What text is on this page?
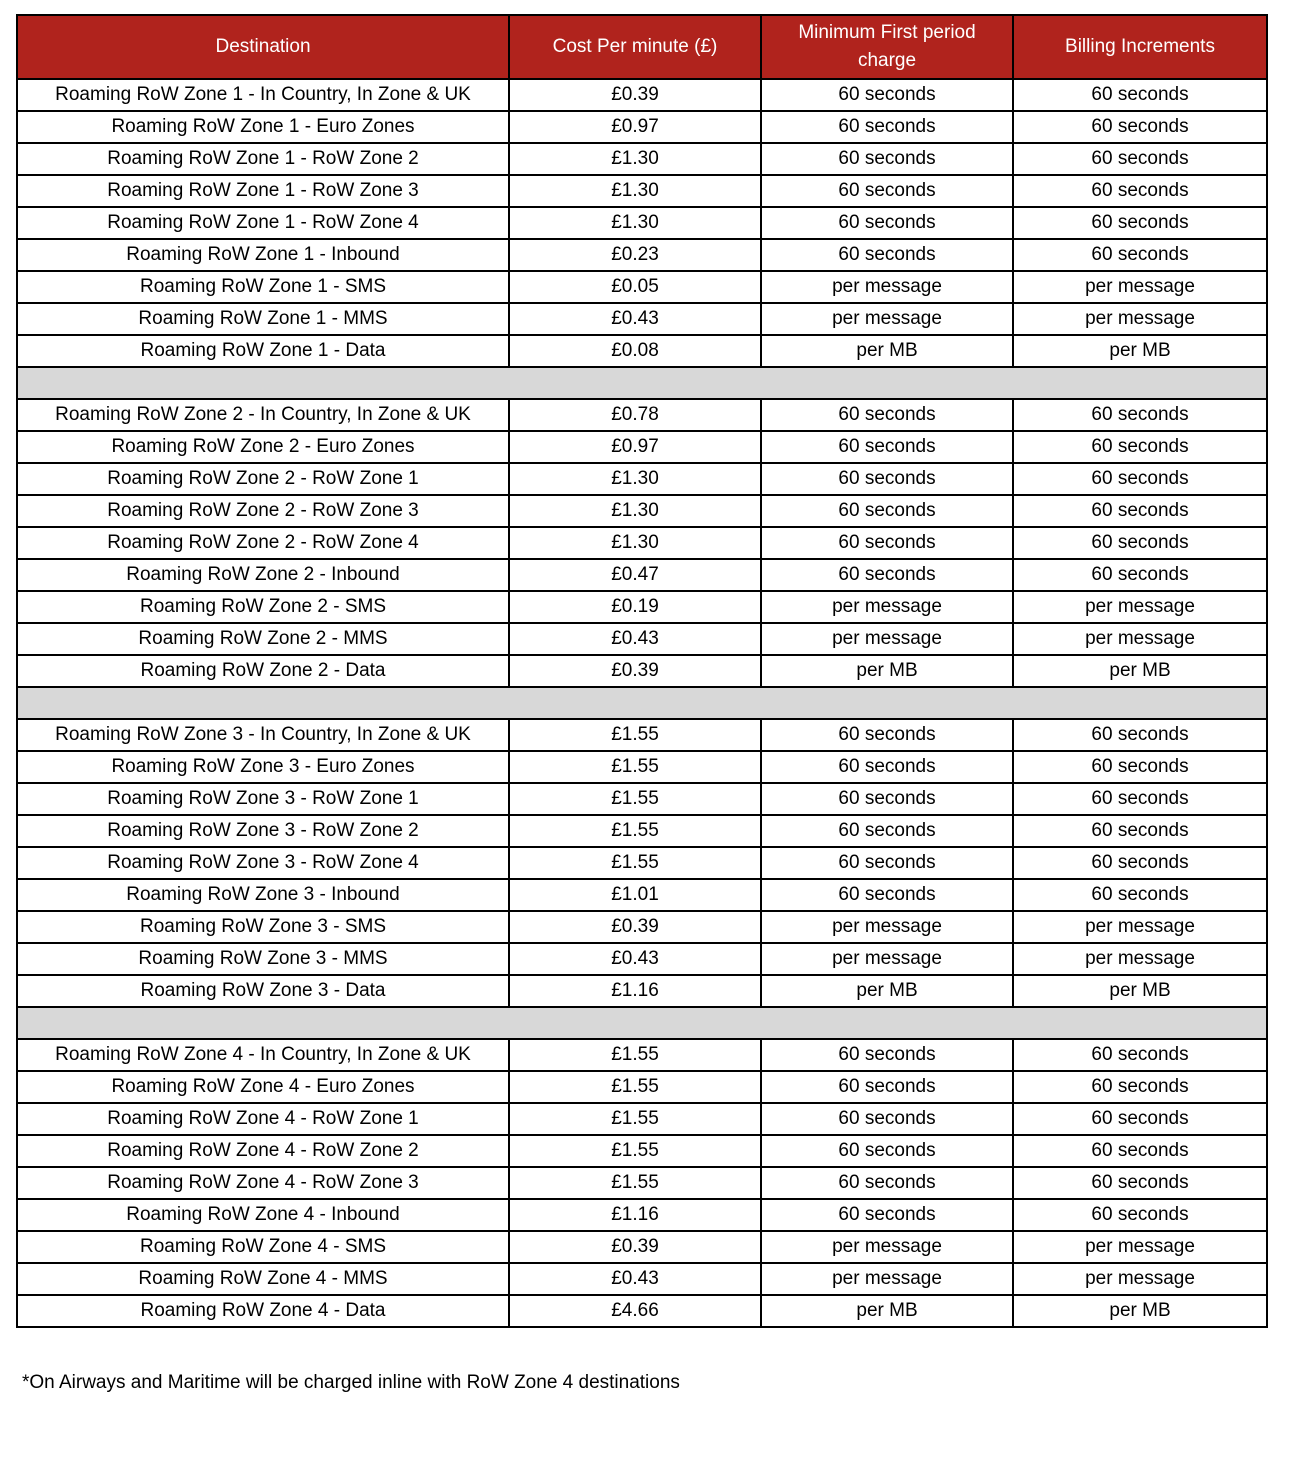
Destination	Cost Per minute (£)	Minimum First period charge	Billing Increments
Roaming RoW Zone 1 - In Country, In Zone & UK	£0.39	60 seconds	60 seconds
Roaming RoW Zone 1 - Euro Zones	£0.97	60 seconds	60 seconds
Roaming RoW Zone 1 - RoW Zone 2	£1.30	60 seconds	60 seconds
Roaming RoW Zone 1 - RoW Zone 3	£1.30	60 seconds	60 seconds
Roaming RoW Zone 1 - RoW Zone 4	£1.30	60 seconds	60 seconds
Roaming RoW Zone 1 - Inbound	£0.23	60 seconds	60 seconds
Roaming RoW Zone 1 - SMS	£0.05	per message	per message
Roaming RoW Zone 1 - MMS	£0.43	per message	per message
Roaming RoW Zone 1 - Data	£0.08	per MB	per MB

Roaming RoW Zone 2 - In Country, In Zone & UK	£0.78	60 seconds	60 seconds
Roaming RoW Zone 2 - Euro Zones	£0.97	60 seconds	60 seconds
Roaming RoW Zone 2 - RoW Zone 1	£1.30	60 seconds	60 seconds
Roaming RoW Zone 2 - RoW Zone 3	£1.30	60 seconds	60 seconds
Roaming RoW Zone 2 - RoW Zone 4	£1.30	60 seconds	60 seconds
Roaming RoW Zone 2 - Inbound	£0.47	60 seconds	60 seconds
Roaming RoW Zone 2 - SMS	£0.19	per message	per message
Roaming RoW Zone 2 - MMS	£0.43	per message	per message
Roaming RoW Zone 2 - Data	£0.39	per MB	per MB

Roaming RoW Zone 3 - In Country, In Zone & UK	£1.55	60 seconds	60 seconds
Roaming RoW Zone 3 - Euro Zones	£1.55	60 seconds	60 seconds
Roaming RoW Zone 3 - RoW Zone 1	£1.55	60 seconds	60 seconds
Roaming RoW Zone 3 - RoW Zone 2	£1.55	60 seconds	60 seconds
Roaming RoW Zone 3 - RoW Zone 4	£1.55	60 seconds	60 seconds
Roaming RoW Zone 3 - Inbound	£1.01	60 seconds	60 seconds
Roaming RoW Zone 3 - SMS	£0.39	per message	per message
Roaming RoW Zone 3 - MMS	£0.43	per message	per message
Roaming RoW Zone 3 - Data	£1.16	per MB	per MB

Roaming RoW Zone 4 - In Country, In Zone & UK	£1.55	60 seconds	60 seconds
Roaming RoW Zone 4 - Euro Zones	£1.55	60 seconds	60 seconds
Roaming RoW Zone 4 - RoW Zone 1	£1.55	60 seconds	60 seconds
Roaming RoW Zone 4 - RoW Zone 2	£1.55	60 seconds	60 seconds
Roaming RoW Zone 4 - RoW Zone 3	£1.55	60 seconds	60 seconds
Roaming RoW Zone 4 - Inbound	£1.16	60 seconds	60 seconds
Roaming RoW Zone 4 - SMS	£0.39	per message	per message
Roaming RoW Zone 4 - MMS	£0.43	per message	per message
Roaming RoW Zone 4 - Data	£4.66	per MB	per MB
*On Airways and Maritime will be charged inline with RoW Zone 4 destinations
